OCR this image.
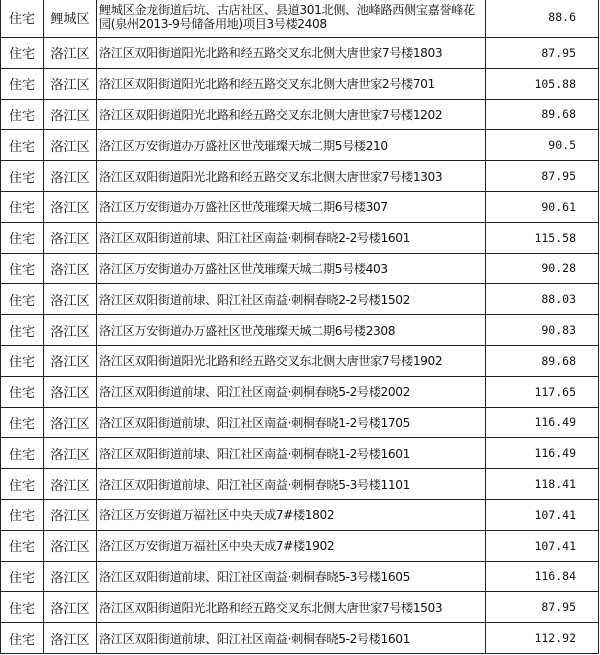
住宅	鲤城区	鲤城区金龙街道后坑、古店社区、县道301北侧、池峰路西侧宝嘉誉峰花园(泉州2013-9号储备用地)项目3号楼2408	88.6
住宅	洛江区	洛江区双阳街道阳光北路和经五路交叉东北侧大唐世家7号楼1803	87.95
住宅	洛江区	洛江区双阳街道阳光北路和经五路交叉东北侧大唐世家2号楼701	105.88
住宅	洛江区	洛江区双阳街道阳光北路和经五路交叉东北侧大唐世家7号楼1202	89.68
住宅	洛江区	洛江区万安街道办万盛社区世茂璀璨天城二期5号楼210	90.5
住宅	洛江区	洛江区双阳街道阳光北路和经五路交叉东北侧大唐世家7号楼1303	87.95
住宅	洛江区	洛江区万安街道办万盛社区世茂璀璨天城二期6号楼307	90.61
住宅	洛江区	洛江区双阳街道前埭、阳江社区南益·刺桐春晓2-2号楼1601	115.58
住宅	洛江区	洛江区万安街道办万盛社区世茂璀璨天城二期5号楼403	90.28
住宅	洛江区	洛江区双阳街道前埭、阳江社区南益·刺桐春晓2-2号楼1502	88.03
住宅	洛江区	洛江区万安街道办万盛社区世茂璀璨天城二期6号楼2308	90.83
住宅	洛江区	洛江区双阳街道阳光北路和经五路交叉东北侧大唐世家7号楼1902	89.68
住宅	洛江区	洛江区双阳街道前埭、阳江社区南益·刺桐春晓5-2号楼2002	117.65
住宅	洛江区	洛江区双阳街道前埭、阳江社区南益·刺桐春晓1-2号楼1705	116.49
住宅	洛江区	洛江区双阳街道前埭、阳江社区南益·刺桐春晓1-2号楼1601	116.49
住宅	洛江区	洛江区双阳街道前埭、阳江社区南益·刺桐春晓5-3号楼1101	118.41
住宅	洛江区	洛江区万安街道万福社区中央天成7#楼1802	107.41
住宅	洛江区	洛江区万安街道万福社区中央天成7#楼1902	107.41
住宅	洛江区	洛江区双阳街道前埭、阳江社区南益·刺桐春晓5-3号楼1605	116.84
住宅	洛江区	洛江区双阳街道阳光北路和经五路交叉东北侧大唐世家7号楼1503	87.95
住宅	洛江区	洛江区双阳街道前埭、阳江社区南益·刺桐春晓5-2号楼1601	112.92
